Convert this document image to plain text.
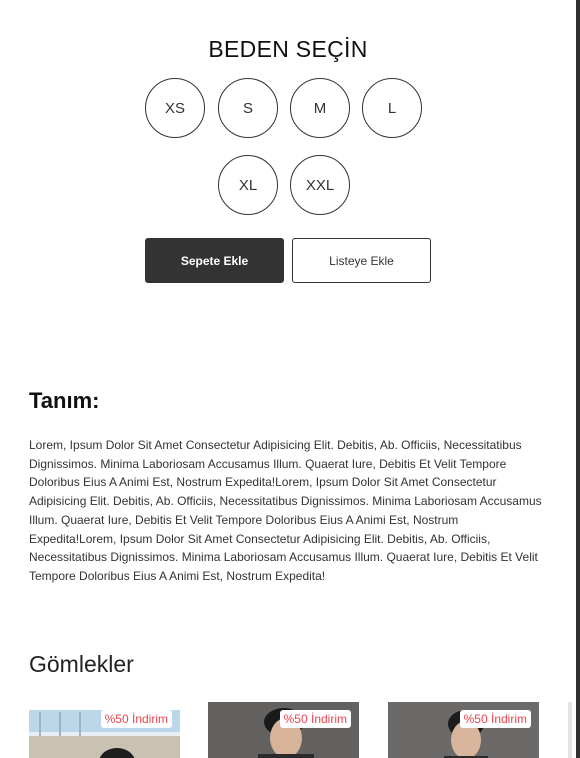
BEDEN SEÇİN
XS	S	M	L
XL	XXL
Sepete Ekle	Listeye Ekle
Tanım:
Lorem, Ipsum Dolor Sit Amet Consectetur Adipisicing Elit. Debitis, Ab. Officiis, Necessitatibus Dignissimos. Minima Laboriosam Accusamus Illum. Quaerat Iure, Debitis Et Velit Tempore Doloribus Eius A Animi Est, Nostrum Expedita!Lorem, Ipsum Dolor Sit Amet Consectetur Adipisicing Elit. Debitis, Ab. Officiis, Necessitatibus Dignissimos. Minima Laboriosam Accusamus Illum. Quaerat Iure, Debitis Et Velit Tempore Doloribus Eius A Animi Est, Nostrum Expedita!Lorem, Ipsum Dolor Sit Amet Consectetur Adipisicing Elit. Debitis, Ab. Officiis, Necessitatibus Dignissimos. Minima Laboriosam Accusamus Illum. Quaerat Iure, Debitis Et Velit Tempore Doloribus Eius A Animi Est, Nostrum Expedita!
Gömlekler
%50 İndirim	%50 İndirim	%50 İndirim
